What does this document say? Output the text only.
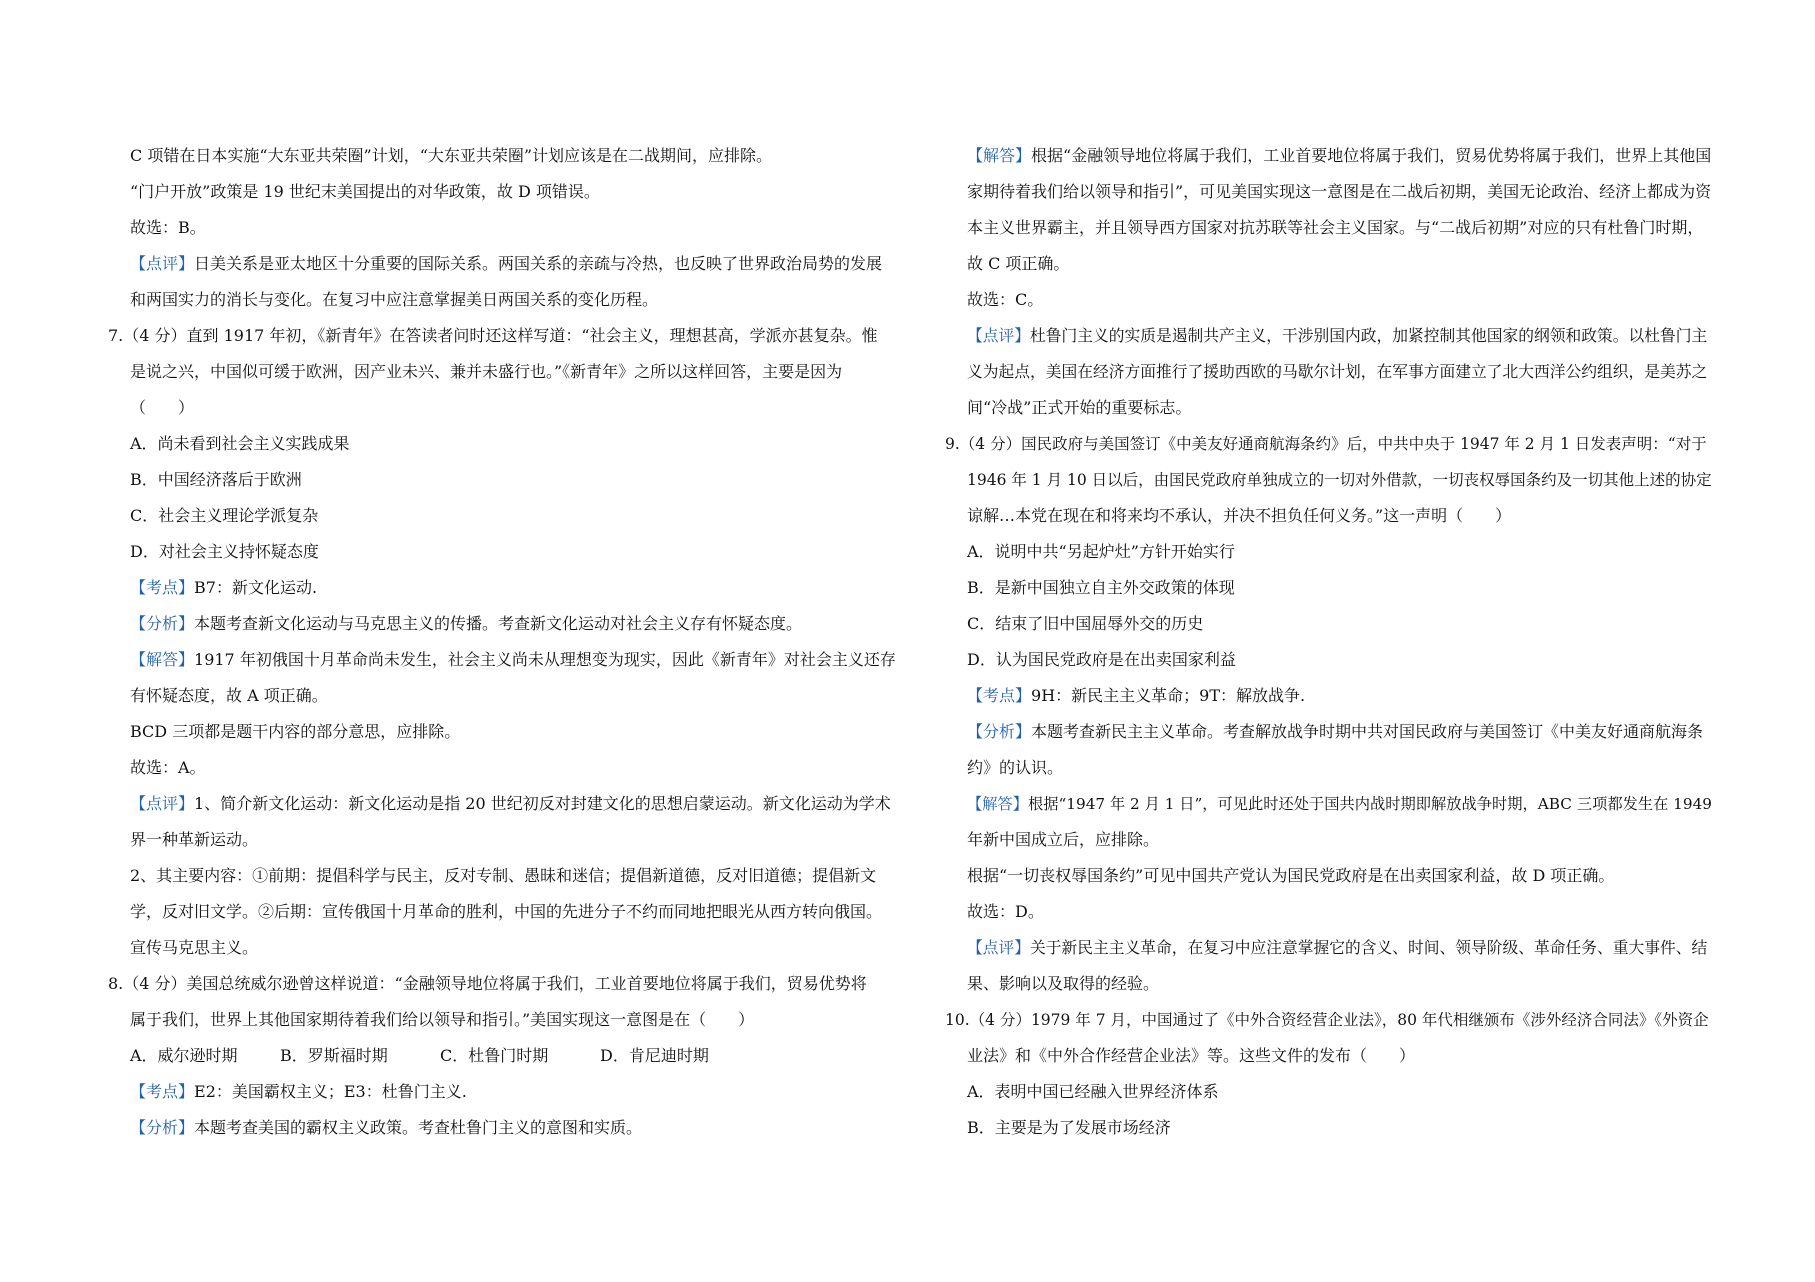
C 项错在日本实施“大东亚共荣圈”计划，“大东亚共荣圈”计划应该是在二战期间，应排除。
“门户开放”政策是 19 世纪末美国提出的对华政策，故 D 项错误。
故选：B。
【点评】日美关系是亚太地区十分重要的国际关系。两国关系的亲疏与冷热，也反映了世界政治局势的发展
和两国实力的消长与变化。在复习中应注意掌握美日两国关系的变化历程。
7.（4 分）直到 1917 年初，《新青年》在答读者问时还这样写道：“社会主义，理想甚高，学派亦甚复杂。惟
是说之兴，中国似可缓于欧洲，因产业未兴、兼并未盛行也。”《新青年》之所以这样回答，主要是因为
（　　）
A．尚未看到社会主义实践成果
B．中国经济落后于欧洲
C．社会主义理论学派复杂
D．对社会主义持怀疑态度
【考点】B7：新文化运动.
【分析】本题考查新文化运动与马克思主义的传播。考查新文化运动对社会主义存有怀疑态度。
【解答】1917 年初俄国十月革命尚未发生，社会主义尚未从理想变为现实，因此《新青年》对社会主义还存
有怀疑态度，故 A 项正确。
BCD 三项都是题干内容的部分意思，应排除。
故选：A。
【点评】1、简介新文化运动：新文化运动是指 20 世纪初反对封建文化的思想启蒙运动。新文化运动为学术
界一种革新运动。
2、其主要内容：①前期：提倡科学与民主，反对专制、愚昧和迷信；提倡新道德，反对旧道德；提倡新文
学，反对旧文学。②后期：宣传俄国十月革命的胜利，中国的先进分子不约而同地把眼光从西方转向俄国。
宣传马克思主义。
8.（4 分）美国总统威尔逊曾这样说道：“金融领导地位将属于我们，工业首要地位将属于我们，贸易优势将
属于我们，世界上其他国家期待着我们给以领导和指引。”美国实现这一意图是在（　　）
A．威尔逊时期	B．罗斯福时期	C．杜鲁门时期	D．肯尼迪时期
【考点】E2：美国霸权主义；E3：杜鲁门主义.
【分析】本题考查美国的霸权主义政策。考查杜鲁门主义的意图和实质。
【解答】根据“金融领导地位将属于我们，工业首要地位将属于我们，贸易优势将属于我们，世界上其他国
家期待着我们给以领导和指引”，可见美国实现这一意图是在二战后初期，美国无论政治、经济上都成为资
本主义世界霸主，并且领导西方国家对抗苏联等社会主义国家。与“二战后初期”对应的只有杜鲁门时期，
故 C 项正确。
故选：C。
【点评】杜鲁门主义的实质是遏制共产主义，干涉别国内政，加紧控制其他国家的纲领和政策。以杜鲁门主
义为起点，美国在经济方面推行了援助西欧的马歇尔计划，在军事方面建立了北大西洋公约组织，是美苏之
间“冷战”正式开始的重要标志。
9.（4 分）国民政府与美国签订《中美友好通商航海条约》后，中共中央于 1947 年 2 月 1 日发表声明：“对于
1946 年 1 月 10 日以后，由国民党政府单独成立的一切对外借款，一切丧权辱国条约及一切其他上述的协定
谅解…本党在现在和将来均不承认，并决不担负任何义务。”这一声明（　　）
A．说明中共“另起炉灶”方针开始实行
B．是新中国独立自主外交政策的体现
C．结束了旧中国屈辱外交的历史
D．认为国民党政府是在出卖国家利益
【考点】9H：新民主主义革命；9T：解放战争.
【分析】本题考查新民主主义革命。考查解放战争时期中共对国民政府与美国签订《中美友好通商航海条
约》的认识。
【解答】根据“1947 年 2 月 1 日”，可见此时还处于国共内战时期即解放战争时期，ABC 三项都发生在 1949
年新中国成立后，应排除。
根据“一切丧权辱国条约”可见中国共产党认为国民党政府是在出卖国家利益，故 D 项正确。
故选：D。
【点评】关于新民主主义革命，在复习中应注意掌握它的含义、时间、领导阶级、革命任务、重大事件、结
果、影响以及取得的经验。
10.（4 分）1979 年 7 月，中国通过了《中外合资经营企业法》，80 年代相继颁布《涉外经济合同法》《外资企
业法》和《中外合作经营企业法》等。这些文件的发布（　　）
A．表明中国已经融入世界经济体系
B．主要是为了发展市场经济
